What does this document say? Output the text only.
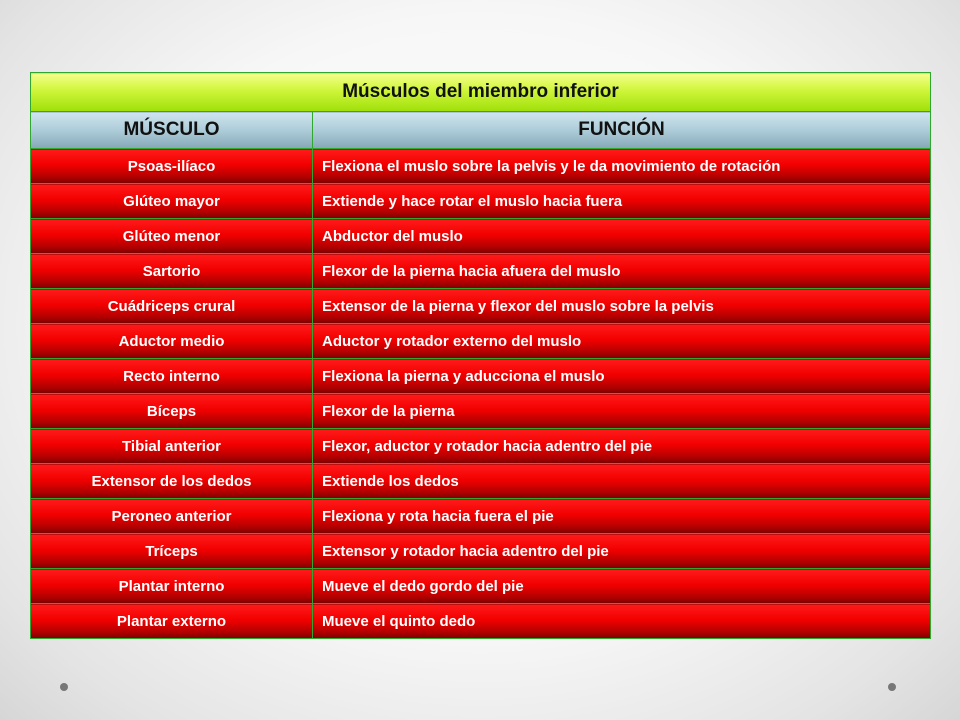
Músculos del miembro inferior	
MÚSCULO	FUNCIÓN
Psoas-ilíaco	Flexiona el muslo sobre la pelvis y le da movimiento de rotación
Glúteo mayor	Extiende y hace rotar el muslo hacia fuera
Glúteo menor	Abductor del muslo
Sartorio	Flexor de la pierna hacia afuera del muslo
Cuádriceps crural	Extensor de la pierna y flexor del muslo sobre la pelvis
Aductor medio	Aductor y rotador externo del muslo
Recto interno	Flexiona la pierna y aducciona el muslo
Bíceps	Flexor de la pierna
Tibial anterior	Flexor, aductor y rotador hacia adentro del pie
Extensor de los dedos	Extiende los dedos
Peroneo anterior	Flexiona y rota hacia fuera el pie
Tríceps	Extensor y rotador hacia adentro del pie
Plantar interno	Mueve el dedo gordo del pie
Plantar externo	Mueve el quinto dedo
